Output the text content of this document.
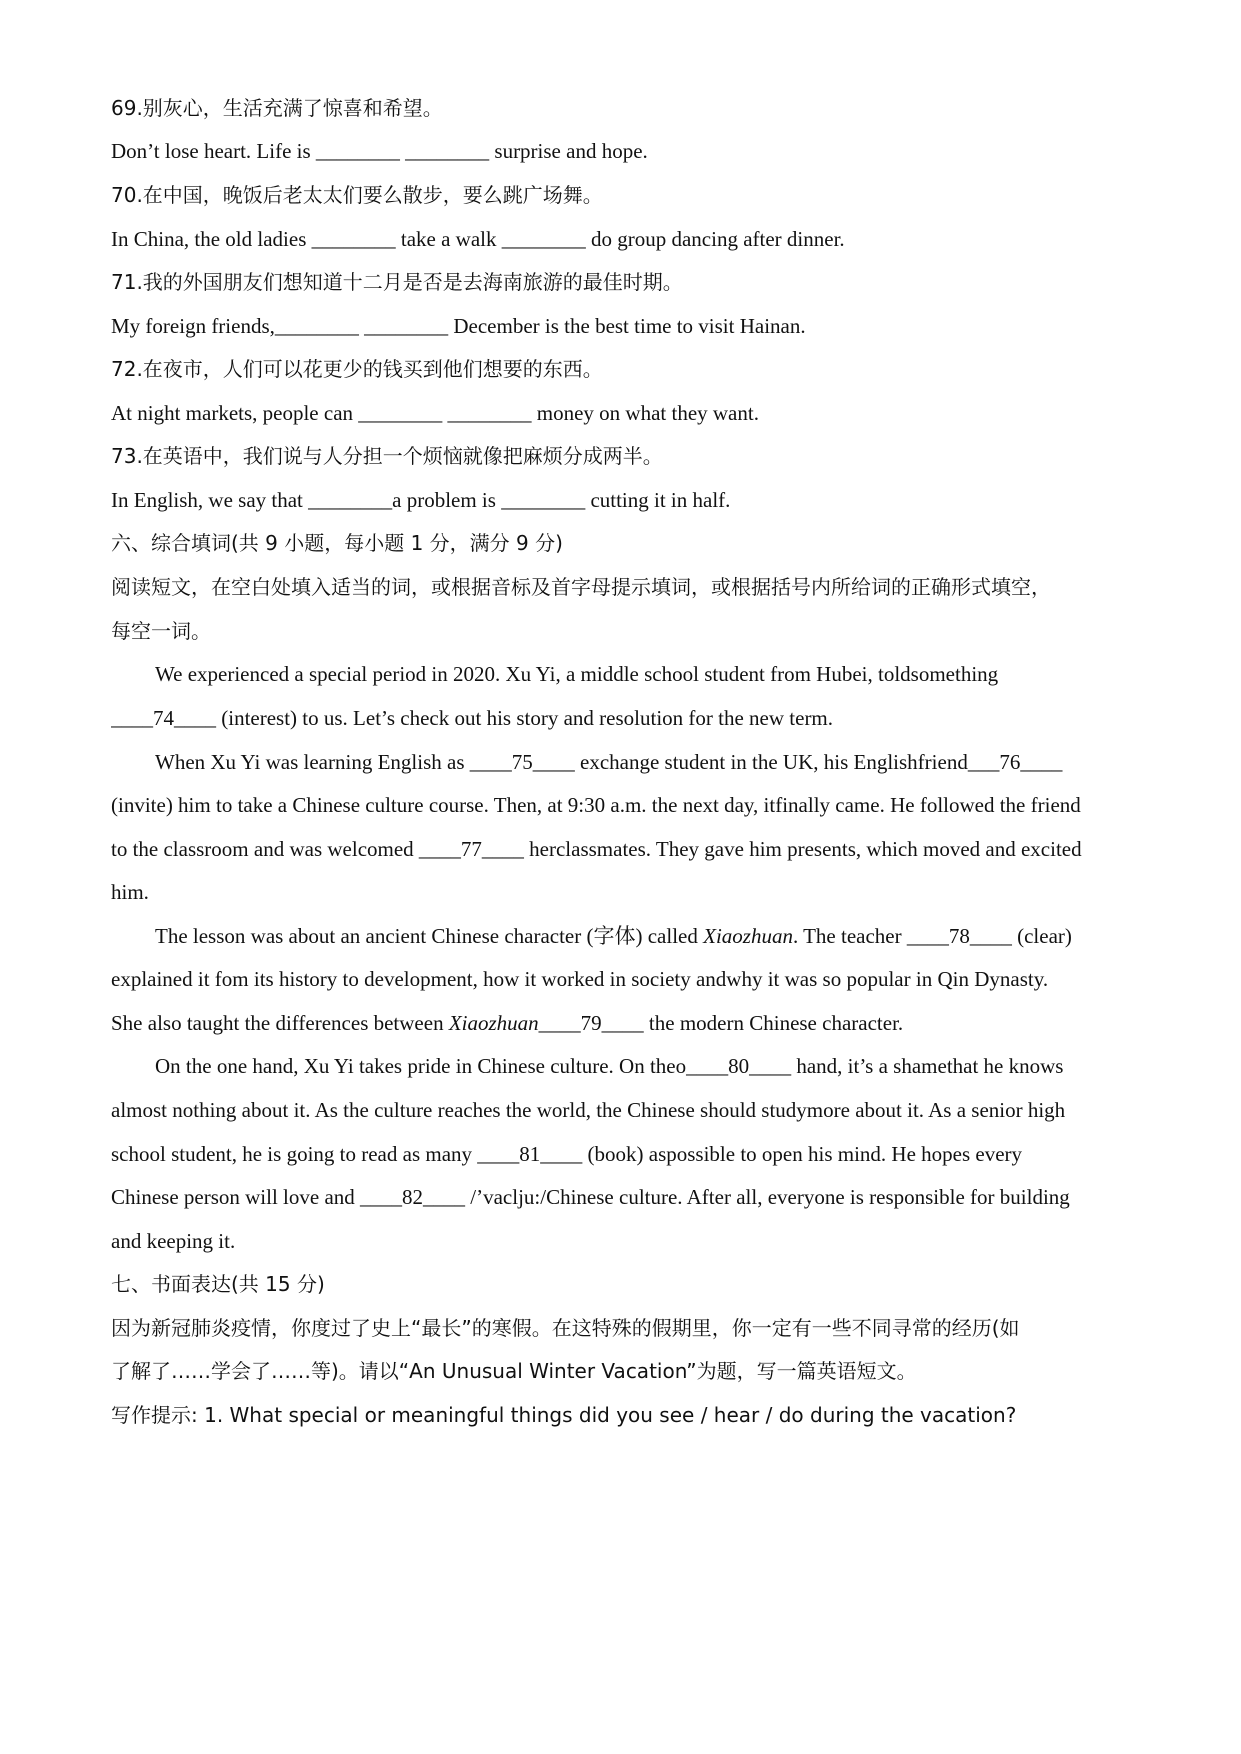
69.别灰心，生活充满了惊喜和希望。
Don’t lose heart. Life is ________ ________ surprise and hope.
70.在中国，晚饭后老太太们要么散步，要么跳广场舞。
In China, the old ladies ________ take a walk ________ do group dancing after dinner.
71.我的外国朋友们想知道十二月是否是去海南旅游的最佳时期。
My foreign friends,________ ________ December is the best time to visit Hainan.
72.在夜市，人们可以花更少的钱买到他们想要的东西。
At night markets, people can ________ ________ money on what they want.
73.在英语中，我们说与人分担一个烦恼就像把麻烦分成两半。
In English, we say that ________a problem is ________ cutting it in half.
六、综合填词(共 9 小题，每小题 1 分，满分 9 分)
阅读短文，在空白处填入适当的词，或根据音标及首字母提示填词，或根据括号内所给词的正确形式填空，
每空一词。
We experienced a special period in 2020. Xu Yi, a middle school student from Hubei, toldsomething
____74____ (interest) to us. Let’s check out his story and resolution for the new term.
When Xu Yi was learning English as ____75____ exchange student in the UK, his Englishfriend___76____
(invite) him to take a Chinese culture course. Then, at 9:30 a.m. the next day, itfinally came. He followed the friend
to the classroom and was welcomed ____77____ herclassmates. They gave him presents, which moved and excited
him.
The lesson was about an ancient Chinese character (字体) called Xiaozhuan. The teacher ____78____ (clear)
explained it fom its history to development, how it worked in society andwhy it was so popular in Qin Dynasty.
She also taught the differences between Xiaozhuan____79____ the modern Chinese character.
On the one hand, Xu Yi takes pride in Chinese culture. On theo____80____ hand, it’s a shamethat he knows
almost nothing about it. As the culture reaches the world, the Chinese should studymore about it. As a senior high
school student, he is going to read as many ____81____ (book) aspossible to open his mind. He hopes every
Chinese person will love and ____82____ /’vaclju:/Chinese culture. After all, everyone is responsible for building
and keeping it.
七、书面表达(共 15 分)
因为新冠肺炎疫情，你度过了史上“最长”的寒假。在这特殊的假期里，你一定有一些不同寻常的经历(如
了解了……学会了……等)。请以“An Unusual Winter Vacation”为题，写一篇英语短文。
写作提示: 1. What special or meaningful things did you see / hear / do during the vacation?
